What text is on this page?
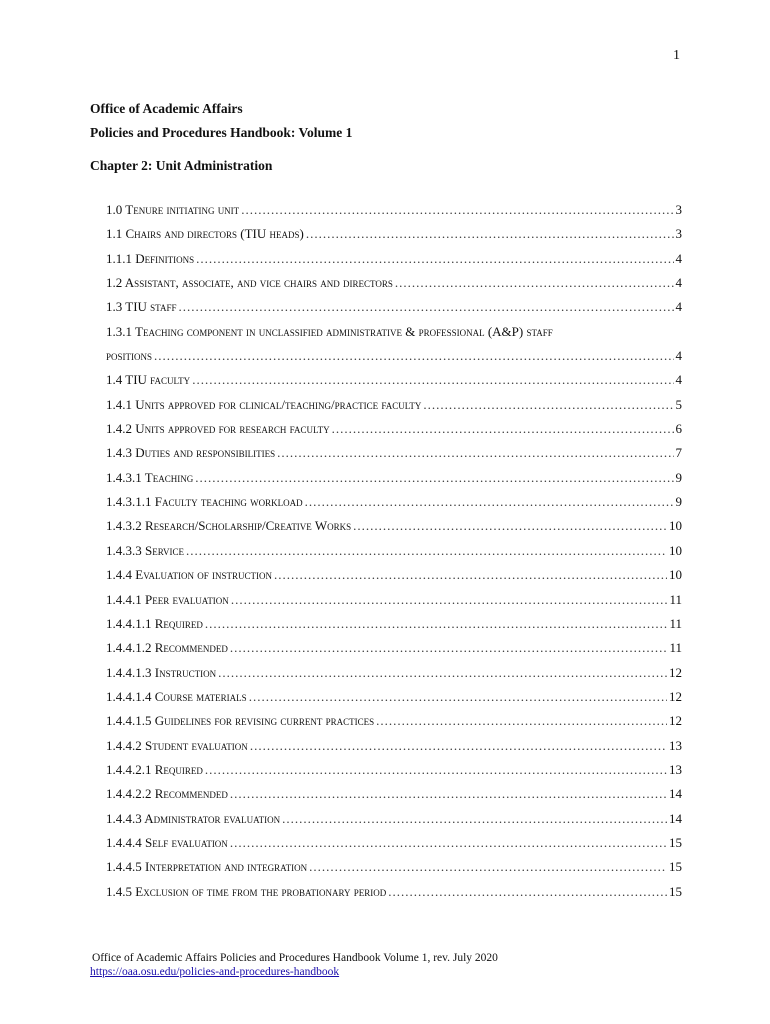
1
Office of Academic Affairs
Policies and Procedures Handbook: Volume 1
Chapter 2: Unit Administration
1.0 Tenure initiating unit .....	3
1.1 Chairs and directors (TIU heads) .....	3
1.1.1 Definitions .....	4
1.2 Assistant, associate, and vice chairs and directors .....	4
1.3 TIU staff .....	4
1.3.1 Teaching component in unclassified administrative & professional (A&P) staff
positions .....	4
1.4 TIU faculty .....	4
1.4.1 Units approved for clinical/teaching/practice faculty .....	5
1.4.2 Units approved for research faculty .....	6
1.4.3 Duties and responsibilities .....	7
1.4.3.1 Teaching .....	9
1.4.3.1.1 Faculty teaching workload .....	9
1.4.3.2 Research/Scholarship/Creative Works .....	10
1.4.3.3 Service .....	10
1.4.4 Evaluation of instruction .....	10
1.4.4.1 Peer evaluation .....	11
1.4.4.1.1 Required .....	11
1.4.4.1.2 Recommended .....	11
1.4.4.1.3 Instruction .....	12
1.4.4.1.4 Course materials .....	12
1.4.4.1.5 Guidelines for revising current practices .....	12
1.4.4.2 Student evaluation .....	13
1.4.4.2.1 Required .....	13
1.4.4.2.2 Recommended .....	14
1.4.4.3 Administrator evaluation .....	14
1.4.4.4 Self evaluation .....	15
1.4.4.5 Interpretation and integration .....	15
1.4.5 Exclusion of time from the probationary period .....	15
Office of Academic Affairs Policies and Procedures Handbook Volume 1, rev. July 2020
https://oaa.osu.edu/policies-and-procedures-handbook
